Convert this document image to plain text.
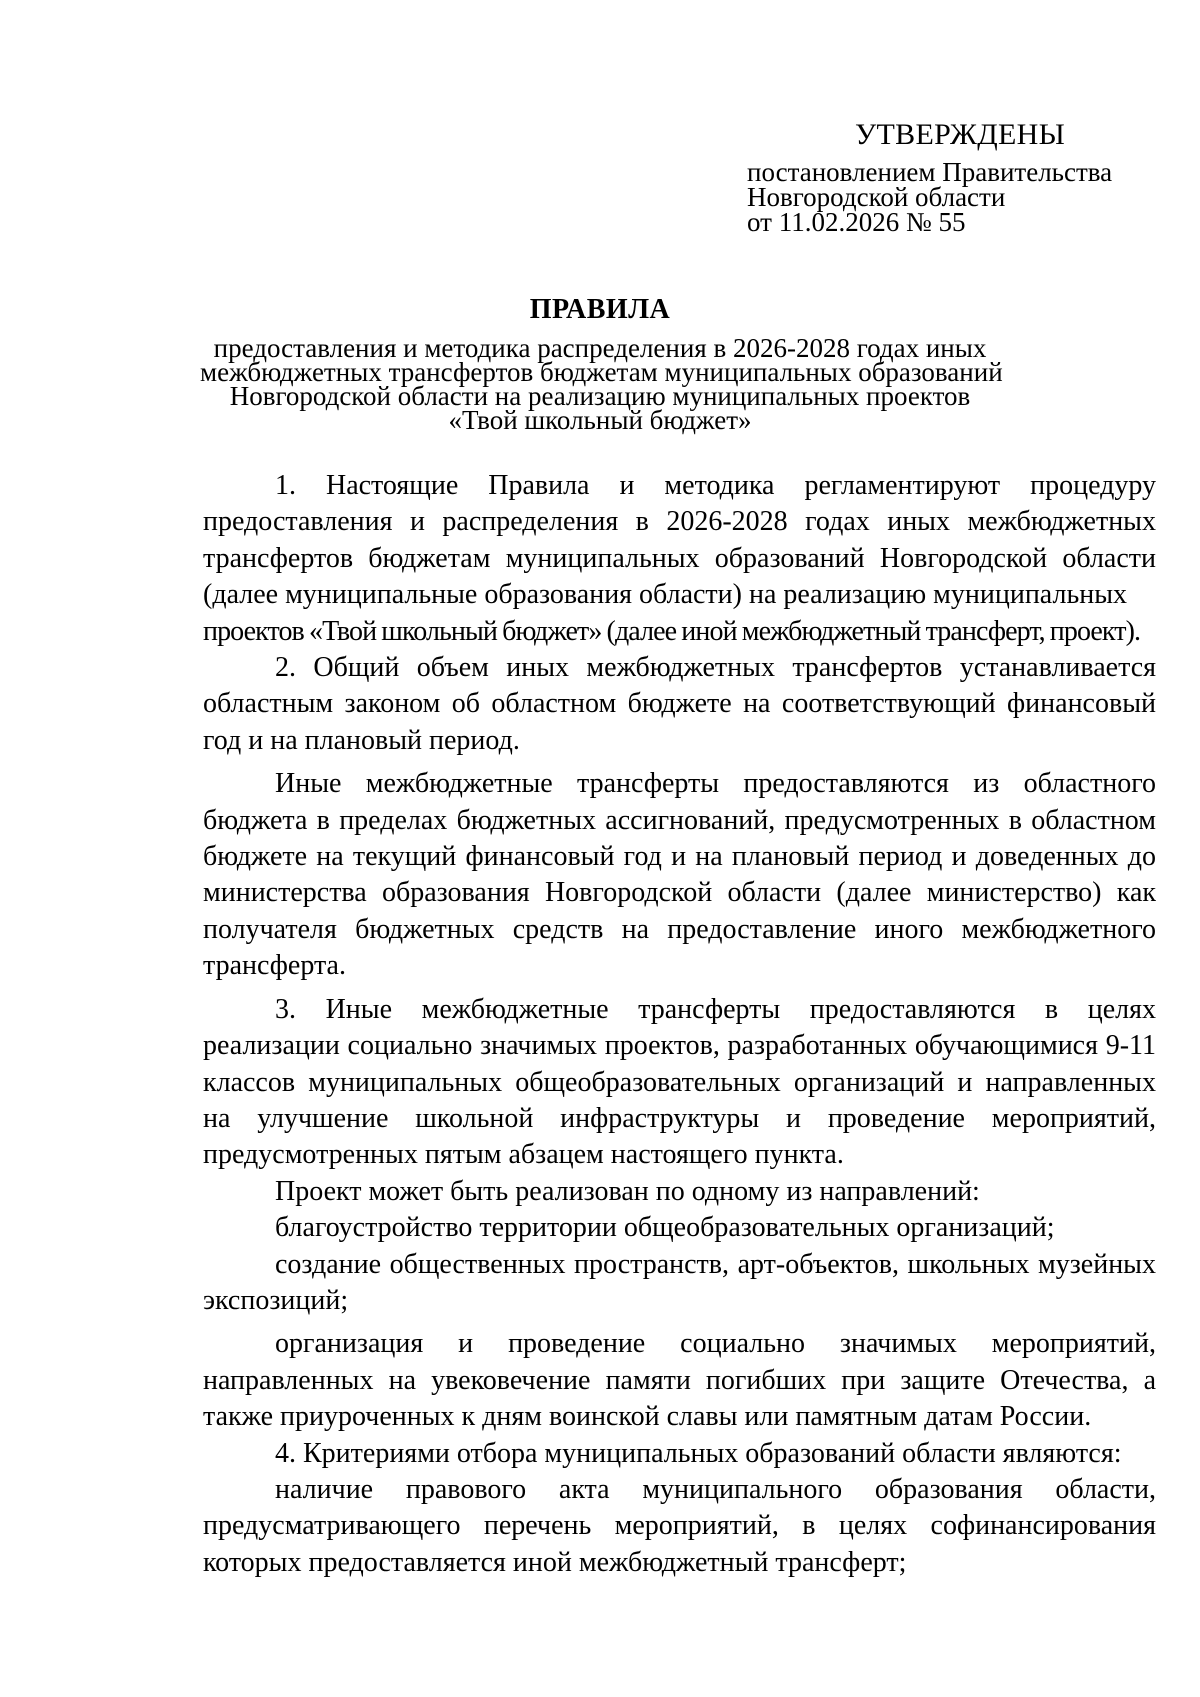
УТВЕРЖДЕНЫ
постановлением Правительства
Новгородской области
от 11.02.2026 № 55
ПРАВИЛА
предоставления и методика распределения в 2026-2028 годах иных
межбюджетных трансфертов бюджетам муниципальных образований
Новгородской области на реализацию муниципальных проектов
«Твой школьный бюджет»

1. Настоящие Правила и методика регламентируют процедуру предоставления и распределения в 2026-2028 годах иных межбюджетных трансфертов бюджетам муниципальных образований Новгородской области (далее муниципальные образования области) на реализацию муниципальных
проектов «Твой школьный бюджет» (далее иной межбюджетный трансферт, проект).

2. Общий объем иных межбюджетных трансфертов устанавливается областным законом об областном бюджете на соответствующий финансовый год и на плановый период.

Иные межбюджетные трансферты предоставляются из областного бюджета в пределах бюджетных ассигнований, предусмотренных в областном бюджете на текущий финансовый год и на плановый период и доведенных до министерства образования Новгородской области (далее министерство) как получателя бюджетных средств на предоставление иного межбюджетного трансферта.

3. Иные межбюджетные трансферты предоставляются в целях реализации социально значимых проектов, разработанных обучающимися 9-11 классов муниципальных общеобразовательных организаций и направленных на улучшение школьной инфраструктуры и проведение мероприятий, предусмотренных пятым абзацем настоящего пункта.

Проект может быть реализован по одному из направлений:

благоустройство территории общеобразовательных организаций;

создание общественных пространств, арт-объектов, школьных музейных экспозиций;

организация и проведение социально значимых мероприятий, направленных на увековечение памяти погибших при защите Отечества, а также приуроченных к дням воинской славы или памятным датам России.

4. Критериями отбора муниципальных образований области являются:

наличие правового акта муниципального образования области, предусматривающего перечень мероприятий, в целях софинансирования которых предоставляется иной межбюджетный трансферт;
